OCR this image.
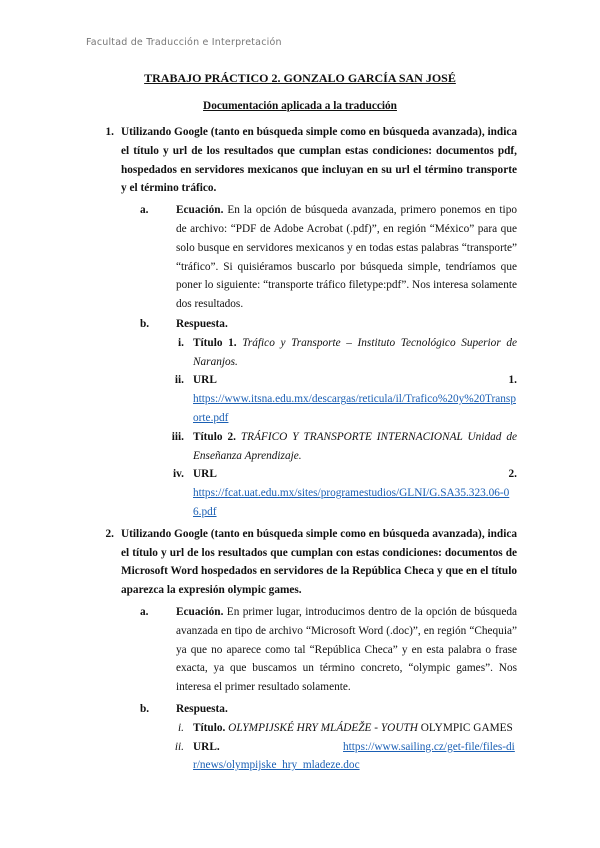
Facultad de Traducción e Interpretación
TRABAJO PRÁCTICO 2. GONZALO GARCÍA SAN JOSÉ
Documentación aplicada a la traducción
1. Utilizando Google (tanto en búsqueda simple como en búsqueda avanzada), indica el título y url de los resultados que cumplan estas condiciones: documentos pdf, hospedados en servidores mexicanos que incluyan en su url el término transporte y el término tráfico.
a.	Ecuación. En la opción de búsqueda avanzada, primero ponemos en tipo de archivo: “PDF de Adobe Acrobat (.pdf)”, en región “México” para que solo busque en servidores mexicanos y en todas estas palabras “transporte” “tráfico”. Si quisiéramos buscarlo por búsqueda simple, tendríamos que poner lo siguiente: “transporte tráfico filetype:pdf”. Nos interesa solamente dos resultados.
b.	Respuesta.
i. Título 1. Tráfico y Transporte – Instituto Tecnológico Superior de Naranjos.
ii. URL	1.

https://www.itsna.edu.mx/descargas/reticula/il/Trafico%20y%20Transporte.pdf
iii. Título 2. TRÁFICO Y TRANSPORTE INTERNACIONAL Unidad de Enseñanza Aprendizaje.
iv. URL	2.

https://fcat.uat.edu.mx/sites/programestudios/GLNI/G.SA35.323.06-06.pdf
2. Utilizando Google (tanto en búsqueda simple como en búsqueda avanzada), indica el título y url de los resultados que cumplan con estas condiciones: documentos de Microsoft Word hospedados en servidores de la República Checa y que en el título aparezca la expresión olympic games.
a.	Ecuación. En primer lugar, introducimos dentro de la opción de búsqueda avanzada en tipo de archivo “Microsoft Word (.doc)”, en región “Chequia” ya que no aparece como tal “República Checa” y en esta palabra o frase exacta, ya que buscamos un término concreto, “olympic games”. Nos interesa el primer resultado solamente.
b.	Respuesta.
i. Título. OLYMPIJSKÉ HRY MLÁDEŽE - YOUTH OLYMPIC GAMES
ii. URL.	https://www.sailing.cz/get-file/files-dir/news/olympijske_hry_mladeze.doc
